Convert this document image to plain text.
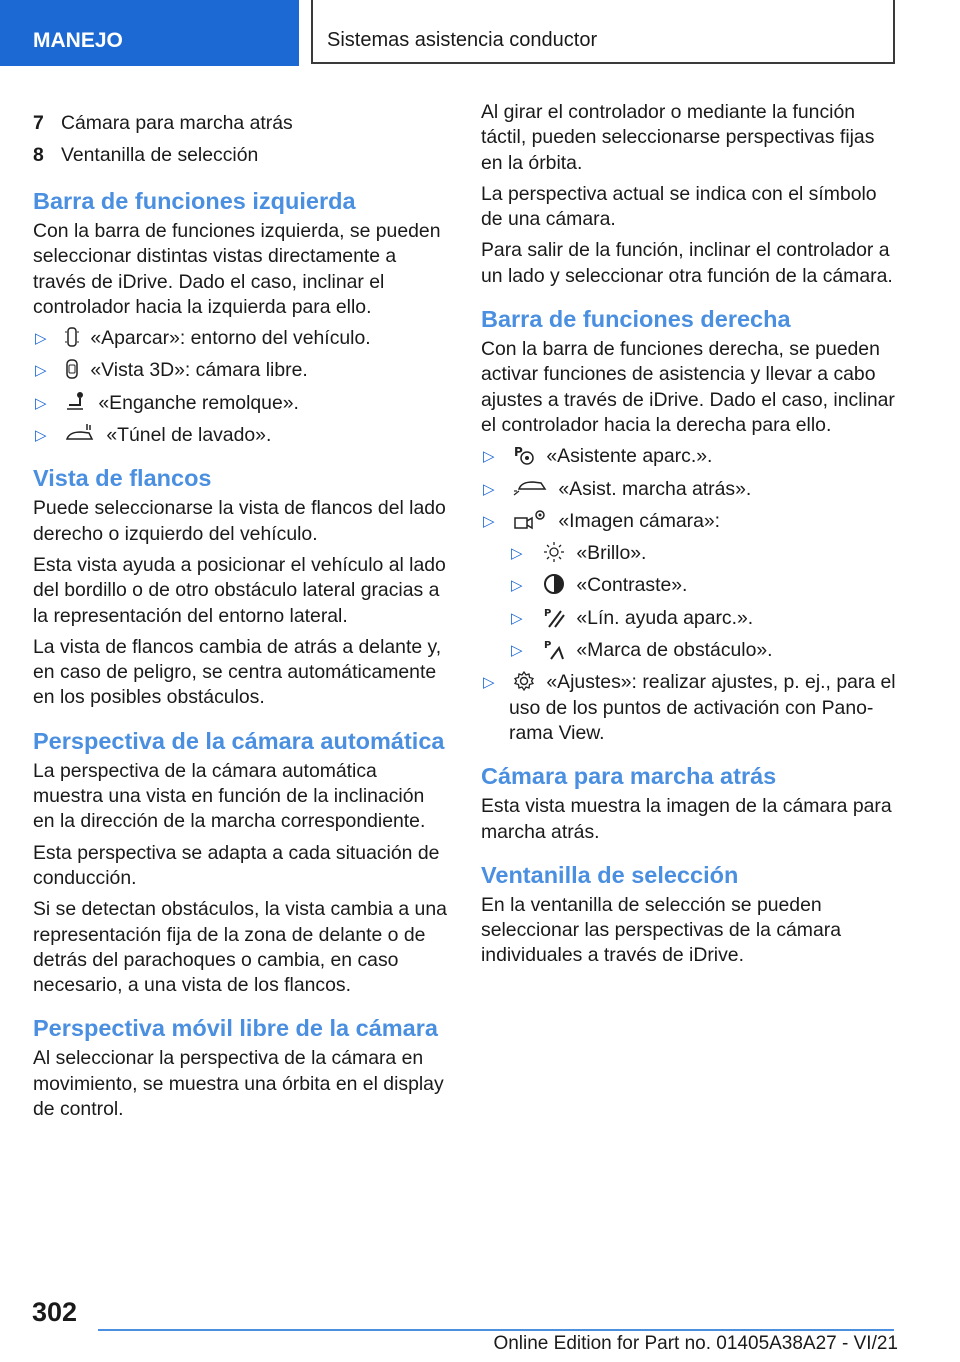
MANEJO	Sistemas asistencia conductor
7 Cámara para marcha atrás
8 Ventanilla de selección
Barra de funciones izquierda

Con la barra de funciones izquierda, se pueden seleccionar distintas vistas directamente a través de iDrive. Dado el caso, inclinar el controlador hacia la izquierda para ello.

▷ «Aparcar»: entorno del vehículo.
▷ «Vista 3D»: cámara libre.
▷	«Enganche remolque».
▷	«Túnel de lavado».
Vista de flancos

Puede seleccionarse la vista de flancos del lado derecho o izquierdo del vehículo.

Esta vista ayuda a posicionar el vehículo al lado del bordillo o de otro obstáculo lateral gracias a la representación del entorno lateral.

La vista de flancos cambia de atrás a delante y, en caso de peligro, se centra automáticamente en los posibles obstáculos.

Perspectiva de la cámara automática

La perspectiva de la cámara automática muestra una vista en función de la inclinación en la dirección de la marcha correspondiente.

Esta perspectiva se adapta a cada situación de conducción.

Si se detectan obstáculos, la vista cambia a una representación fija de la zona de delante o de detrás del parachoques o cambia, en caso necesario, a una vista de los flancos.

Perspectiva móvil libre de la cámara

Al seleccionar la perspectiva de la cámara en movimiento, se muestra una órbita en el display de control.

Al girar el controlador o mediante la función táctil, pueden seleccionarse perspectivas fijas en la órbita.

La perspectiva actual se indica con el símbolo de una cámara.

Para salir de la función, inclinar el controlador a un lado y seleccionar otra función de la cámara.

Barra de funciones derecha

Con la barra de funciones derecha, se pueden activar funciones de asistencia y llevar a cabo ajustes a través de iDrive. Dado el caso, inclinar el controlador hacia la derecha para ello.

▷ P «Asistente aparc.».
▷	«Asist. marcha atrás».
▷	«Imagen cámara»:
▷	«Brillo».
▷	«Contraste».
▷ P «Lín. ayuda aparc.».
▷ P «Marca de obstáculo».
▷	«Ajustes»: realizar ajustes, p. ej., para el uso de los puntos de activación con Panorama View.
Cámara para marcha atrás

Esta vista muestra la imagen de la cámara para marcha atrás.

Ventanilla de selección

En la ventanilla de selección se pueden seleccionar las perspectivas de la cámara individuales a través de iDrive.

302
Online Edition for Part no. 01405A38A27 - VI/21
